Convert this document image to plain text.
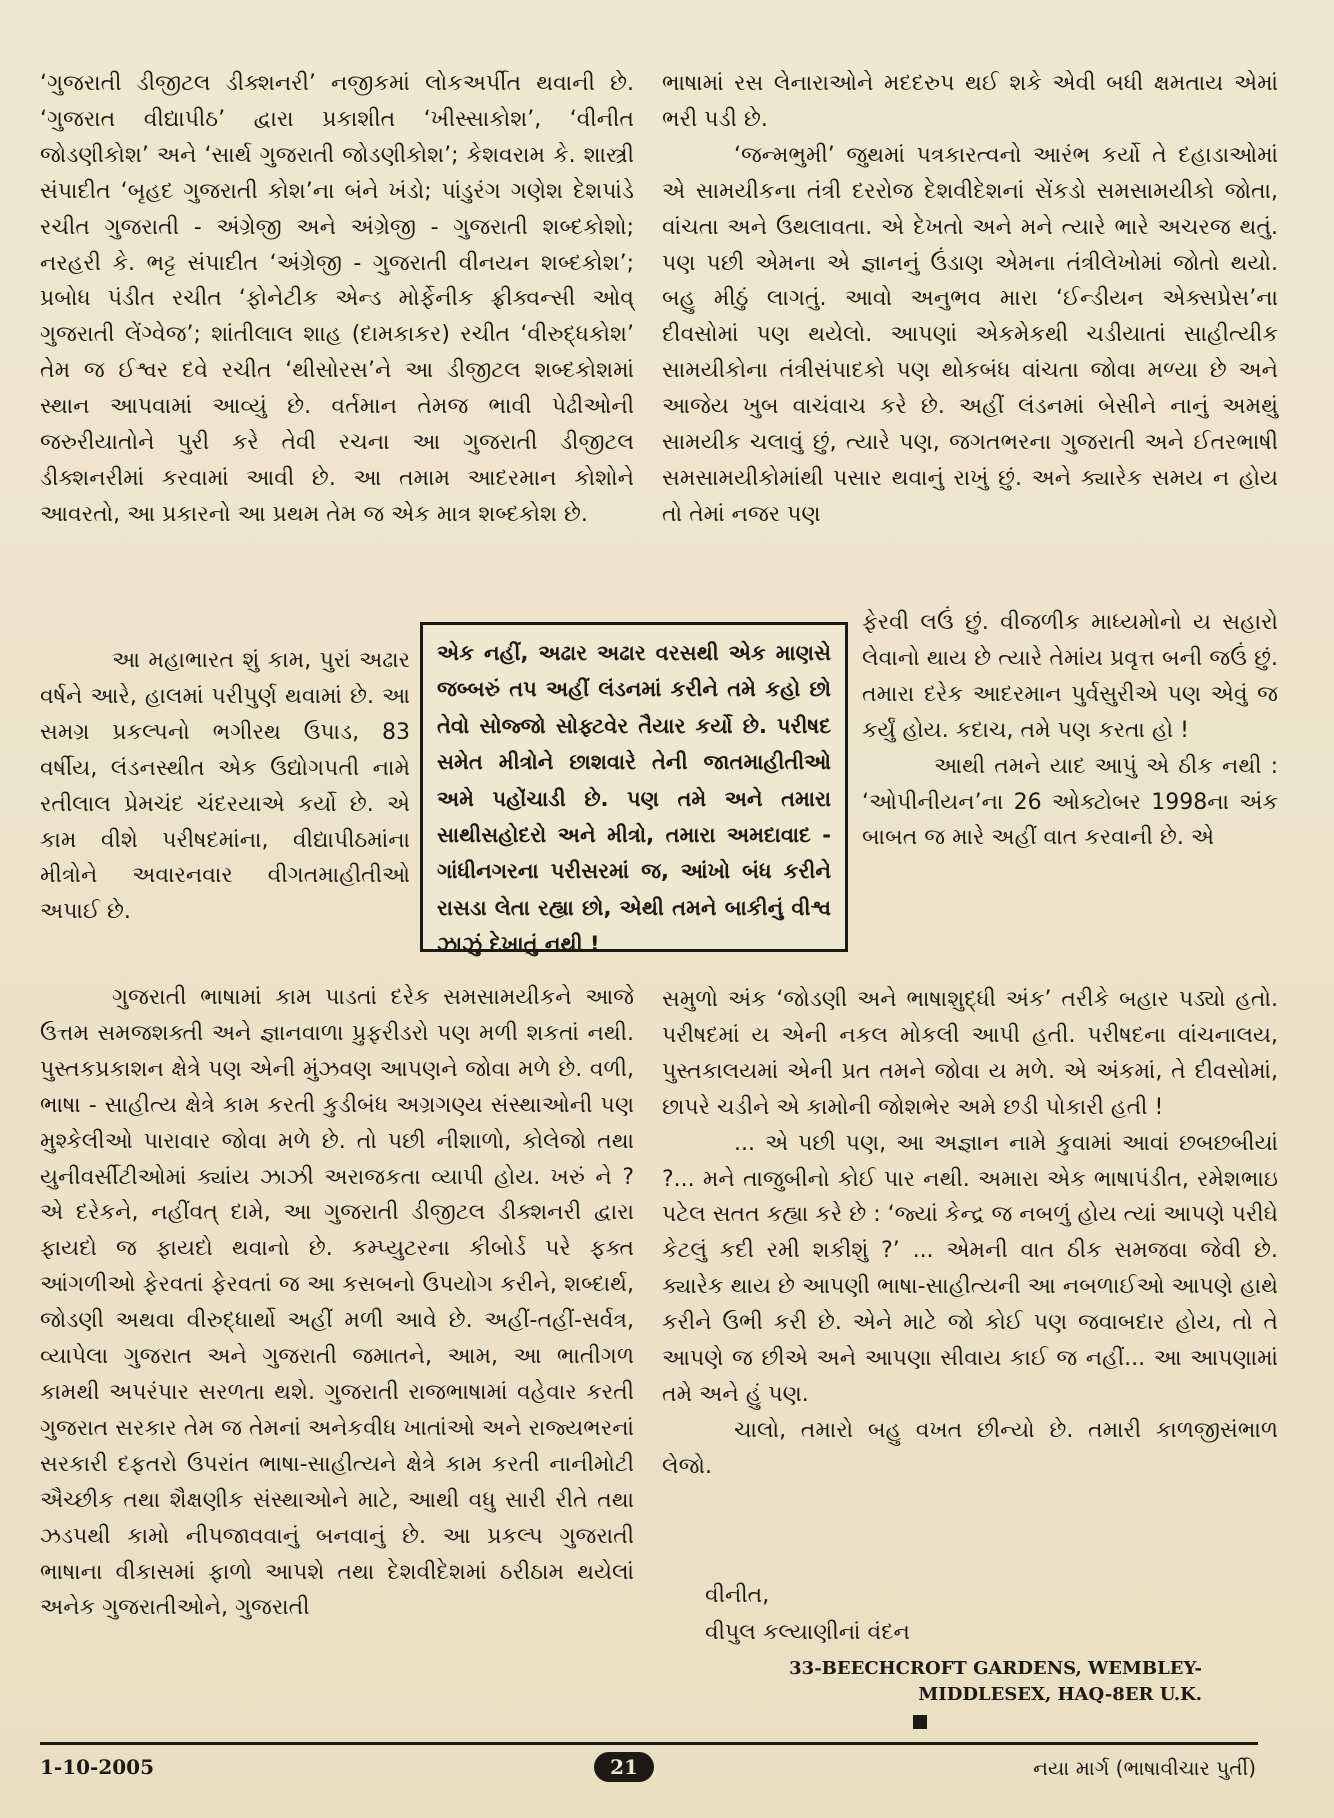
‘ગુજરાતી ડીજીટલ ડીક્શનરી’ નજીકમાં લોકઅર્પીત થવાની છે. ‘ગુજરાત વીદ્યાપીઠ’ દ્વારા પ્રકાશીત ‘ખીસ્સાકોશ’, ‘વીનીત જોડણીકોશ’ અને ‘સાર્થ ગુજરાતી જોડણીકોશ’; કેશવરામ કે. શાસ્ત્રી સંપાદીત ‘બૃહદ ગુજરાતી કોશ’ના બંને ખંડો; પાંડુરંગ ગણેશ દેશપાંડે રચીત ગુજરાતી - અંગ્રેજી અને અંગ્રેજી - ગુજરાતી શબ્દકોશો; નરહરી કે. ભટ્ટ સંપાદીત ‘અંગ્રેજી - ગુજરાતી વીનયન શબ્દકોશ’; પ્રબોધ પંડીત રચીત ‘ફોનેટીક એન્ડ મોર્ફેનીક ફ્રીક્વન્સી ઓવ્ ગુજરાતી લેંગ્વેજ’; શાંતીલાલ શાહ (દામકાકર) રચીત ‘વીરુદ્ધકોશ’ તેમ જ ઈશ્વર દવે રચીત ‘થીસોરસ’ને આ ડીજીટલ શબ્દકોશમાં સ્થાન આપવામાં આવ્યું છે. વર્તમાન તેમજ ભાવી પેઢીઓની જરુરીયાતોને પુરી કરે તેવી રચના આ ગુજરાતી ડીજીટલ ડીક્શનરીમાં કરવામાં આવી છે. આ તમામ આદરમાન કોશોને આવરતો, આ પ્રકારનો આ પ્રથમ તેમ જ એક માત્ર શબ્દકોશ છે.

આ મહાભારત શું કામ, પુરાં અઢાર વર્ષને આરે, હાલમાં પરીપુર્ણ થવામાં છે. આ સમગ્ર પ્રકલ્પનો ભગીરથ ઉપાડ, 83 વર્ષીય, લંડનસ્થીત એક ઉદ્યોગપતી નામે રતીલાલ પ્રેમચંદ ચંદરયાએ કર્યો છે. એ કામ વીશે પરીષદમાંના, વીદ્યાપીઠમાંના મીત્રોને અવારનવાર વીગતમાહીતીઓ અપાઈ છે.

એક નહીં, અઢાર અઢાર વરસથી એક માણસે જબ્બરું તપ અહીં લંડનમાં કરીને તમે કહો છો તેવો સોજ્જો સોફ્ટવેર તૈયાર કર્યો છે. પરીષદ સમેત મીત્રોને છાશવારે તેની જાતમાહીતીઓ અમે પહોંચાડી છે. પણ તમે અને તમારા સાથીસહોદરો અને મીત્રો, તમારા અમદાવાદ - ગાંધીનગરના પરીસરમાં જ, આંખો બંધ કરીને રાસડા લેતા રહ્યા છો, એથી તમને બાકીનું વીશ્વ ઝાઝું દેખાતું નથી !

ગુજરાતી ભાષામાં કામ પાડતાં દરેક સમસામયીકને આજે ઉત્તમ સમજશક્તી અને જ્ઞાનવાળા પ્રુફરીડરો પણ મળી શકતાં નથી. પુસ્તકપ્રકાશન ક્ષેત્રે પણ એની મુંઝવણ આપણને જોવા મળે છે. વળી, ભાષા - સાહીત્ય ક્ષેત્રે કામ કરતી કુડીબંધ અગ્રગણ્ય સંસ્થાઓની પણ મુશ્કેલીઓ પારાવાર જોવા મળે છે. તો પછી નીશાળો, કોલેજો તથા યુનીવર્સીટીઓમાં ક્યાંય ઝાઝી અરાજકતા વ્યાપી હોય. ખરું ને ? એ દરેકને, નહીંવત્ દામે, આ ગુજરાતી ડીજીટલ ડીક્શનરી દ્વારા ફાયદો જ ફાયદો થવાનો છે. કમ્પ્યુટરના કીબોર્ડ પરે ફક્ત આંગળીઓ ફેરવતાં ફેરવતાં જ આ કસબનો ઉપયોગ કરીને, શબ્દાર્થ, જોડણી અથવા વીરુદ્ધાર્થો અહીં મળી આવે છે. અહીં-તહીં-સર્વત્ર, વ્યાપેલા ગુજરાત અને ગુજરાતી જમાતને, આમ, આ ભાતીગળ કામથી અપરંપાર સરળતા થશે. ગુજરાતી રાજભાષામાં વહેવાર કરતી ગુજરાત સરકાર તેમ જ તેમનાં અનેકવીધ ખાતાંઓ અને રાજ્યભરનાં સરકારી દફતરો ઉપરાંત ભાષા-સાહીત્યને ક્ષેત્રે કામ કરતી નાનીમોટી ઐચ્છીક તથા શૈક્ષણીક સંસ્થાઓને માટે, આથી વધુ સારી રીતે તથા ઝડપથી કામો નીપજાવવાનું બનવાનું છે. આ પ્રકલ્પ ગુજરાતી ભાષાના વીકાસમાં ફાળો આપશે તથા દેશવીદેશમાં ઠરીઠામ થયેલાં અનેક ગુજરાતીઓને, ગુજરાતી

ભાષામાં રસ લેનારાઓને મદદરુપ થઈ શકે એવી બધી ક્ષમતાય એમાં ભરી પડી છે.

‘જન્મભુમી’ જુથમાં પત્રકારત્વનો આરંભ કર્યો તે દહાડાઓમાં એ સામયીકના તંત્રી દરરોજ દેશવીદેશનાં સેંકડો સમસામયીકો જોતા, વાંચતા અને ઉથલાવતા. એ દેખતો અને મને ત્યારે ભારે અચરજ થતું. પણ પછી એમના એ જ્ઞાનનું ઉંડાણ એમના તંત્રીલેખોમાં જોતો થયો. બહુ મીઠું લાગતું. આવો અનુભવ મારા ‘ઈન્ડીયન એક્સપ્રેસ’ના દીવસોમાં પણ થયેલો. આપણાં એકમેકથી ચડીયાતાં સાહીત્યીક સામયીકોના તંત્રીસંપાદકો પણ થોકબંધ વાંચતા જોવા મળ્યા છે અને આજેય ખુબ વાચંવાચ કરે છે. અહીં લંડનમાં બેસીને નાનું અમથું સામયીક ચલાવું છું, ત્યારે પણ, જગતભરના ગુજરાતી અને ઈતરભાષી સમસામયીકોમાંથી પસાર થવાનું રાખું છું. અને ક્યારેક સમય ન હોય તો તેમાં નજર પણ

ફેરવી લઉં છું. વીજળીક માધ્યમોનો ય સહારો લેવાનો થાય છે ત્યારે તેમાંય પ્રવૃત્ત બની જઉં છું. તમારા દરેક આદરમાન પુર્વસુરીએ પણ એવું જ કર્યું હોય. કદાચ, તમે પણ કરતા હો !

આથી તમને યાદ આપું એ ઠીક નથી : ‘ઓપીનીયન’ના 26 ઓક્ટોબર 1998ના અંક બાબત જ મારે અહીં વાત કરવાની છે. એ

સમુળો અંક ‘જોડણી અને ભાષાશુદ્ધી અંક’ તરીકે બહાર પડ્યો હતો. પરીષદમાં ય એની નકલ મોકલી આપી હતી. પરીષદના વાંચનાલય, પુસ્તકાલયમાં એની પ્રત તમને જોવા ય મળે. એ અંકમાં, તે દીવસોમાં, છાપરે ચડીને એ કામોની જોશભેર અમે છડી પોકારી હતી !

... એ પછી પણ, આ અજ્ઞાન નામે કુવામાં આવાં છબછબીયાં ?... મને તાજુબીનો કોઈ પાર નથી. અમારા એક ભાષાપંડીત, રમેશભાઇ પટેલ સતત કહ્યા કરે છે : ‘જ્યાં કેન્દ્ર જ નબળું હોય ત્યાં આપણે પરીઘે કેટલું કદી રમી શકીશું ?’ ... એમની વાત ઠીક સમજવા જેવી છે. ક્યારેક થાય છે આપણી ભાષા-સાહીત્યની આ નબળાઈઓ આપણે હાથે કરીને ઉભી કરી છે. એને માટે જો કોઈ પણ જવાબદાર હોય, તો તે આપણે જ છીએ અને આપણા સીવાય કાઈ જ નહીં... આ આપણામાં તમે અને હું પણ.

ચાલો, તમારો બહુ વખત છીન્યો છે. તમારી કાળજીસંભાળ લેજો.

વીનીત,
વીપુલ કલ્યાણીનાં વંદન
33-BEECHCROFT GARDENS, WEMBLEY-
MIDDLESEX, HAQ-8ER U.K.
1-10-2005	21	નયા માર્ગ (ભાષાવીચાર પુર્તી)
